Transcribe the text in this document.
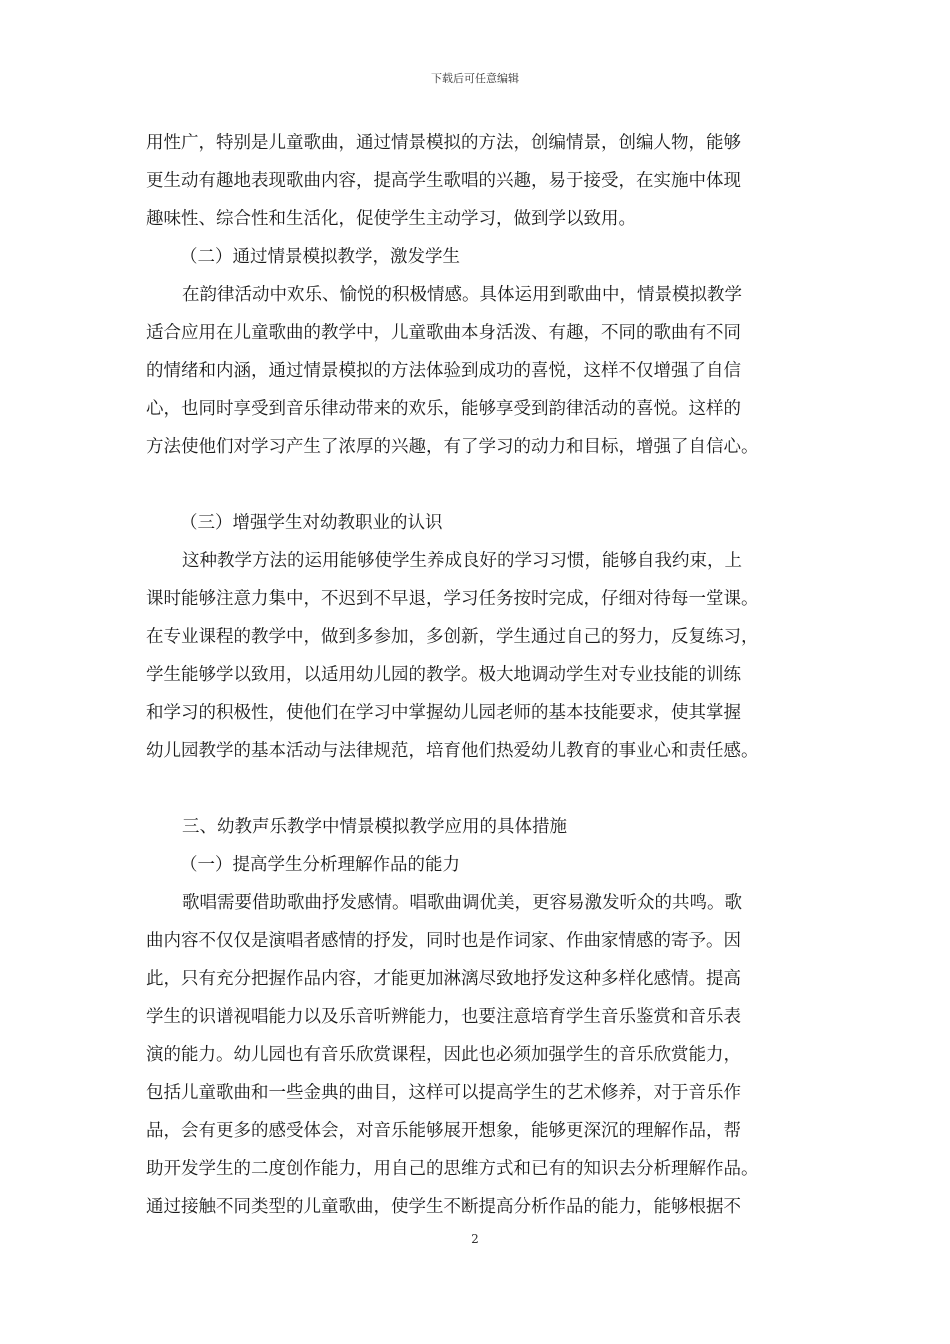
下载后可任意编辑
用性广，特别是儿童歌曲，通过情景模拟的方法，创编情景，创编人物，能够
更生动有趣地表现歌曲内容，提高学生歌唱的兴趣，易于接受，在实施中体现
趣味性、综合性和生活化，促使学生主动学习，做到学以致用。
（二）通过情景模拟教学，激发学生
在韵律活动中欢乐、愉悦的积极情感。具体运用到歌曲中，情景模拟教学
适合应用在儿童歌曲的教学中，儿童歌曲本身活泼、有趣，不同的歌曲有不同
的情绪和内涵，通过情景模拟的方法体验到成功的喜悦，这样不仅增强了自信
心，也同时享受到音乐律动带来的欢乐，能够享受到韵律活动的喜悦。这样的
方法使他们对学习产生了浓厚的兴趣，有了学习的动力和目标，增强了自信心。
（三）增强学生对幼教职业的认识
这种教学方法的运用能够使学生养成良好的学习习惯，能够自我约束，上
课时能够注意力集中，不迟到不早退，学习任务按时完成，仔细对待每一堂课。
在专业课程的教学中，做到多参加，多创新，学生通过自己的努力，反复练习，
学生能够学以致用，以适用幼儿园的教学。极大地调动学生对专业技能的训练
和学习的积极性，使他们在学习中掌握幼儿园老师的基本技能要求，使其掌握
幼儿园教学的基本活动与法律规范，培育他们热爱幼儿教育的事业心和责任感。
三、幼教声乐教学中情景模拟教学应用的具体措施
（一）提高学生分析理解作品的能力
歌唱需要借助歌曲抒发感情。唱歌曲调优美，更容易激发听众的共鸣。歌
曲内容不仅仅是演唱者感情的抒发，同时也是作词家、作曲家情感的寄予。因
此，只有充分把握作品内容，才能更加淋漓尽致地抒发这种多样化感情。提高
学生的识谱视唱能力以及乐音听辨能力，也要注意培育学生音乐鉴赏和音乐表
演的能力。幼儿园也有音乐欣赏课程，因此也必须加强学生的音乐欣赏能力，
包括儿童歌曲和一些金典的曲目，这样可以提高学生的艺术修养，对于音乐作
品，会有更多的感受体会，对音乐能够展开想象，能够更深沉的理解作品，帮
助开发学生的二度创作能力，用自己的思维方式和已有的知识去分析理解作品。
通过接触不同类型的儿童歌曲，使学生不断提高分析作品的能力，能够根据不
2
